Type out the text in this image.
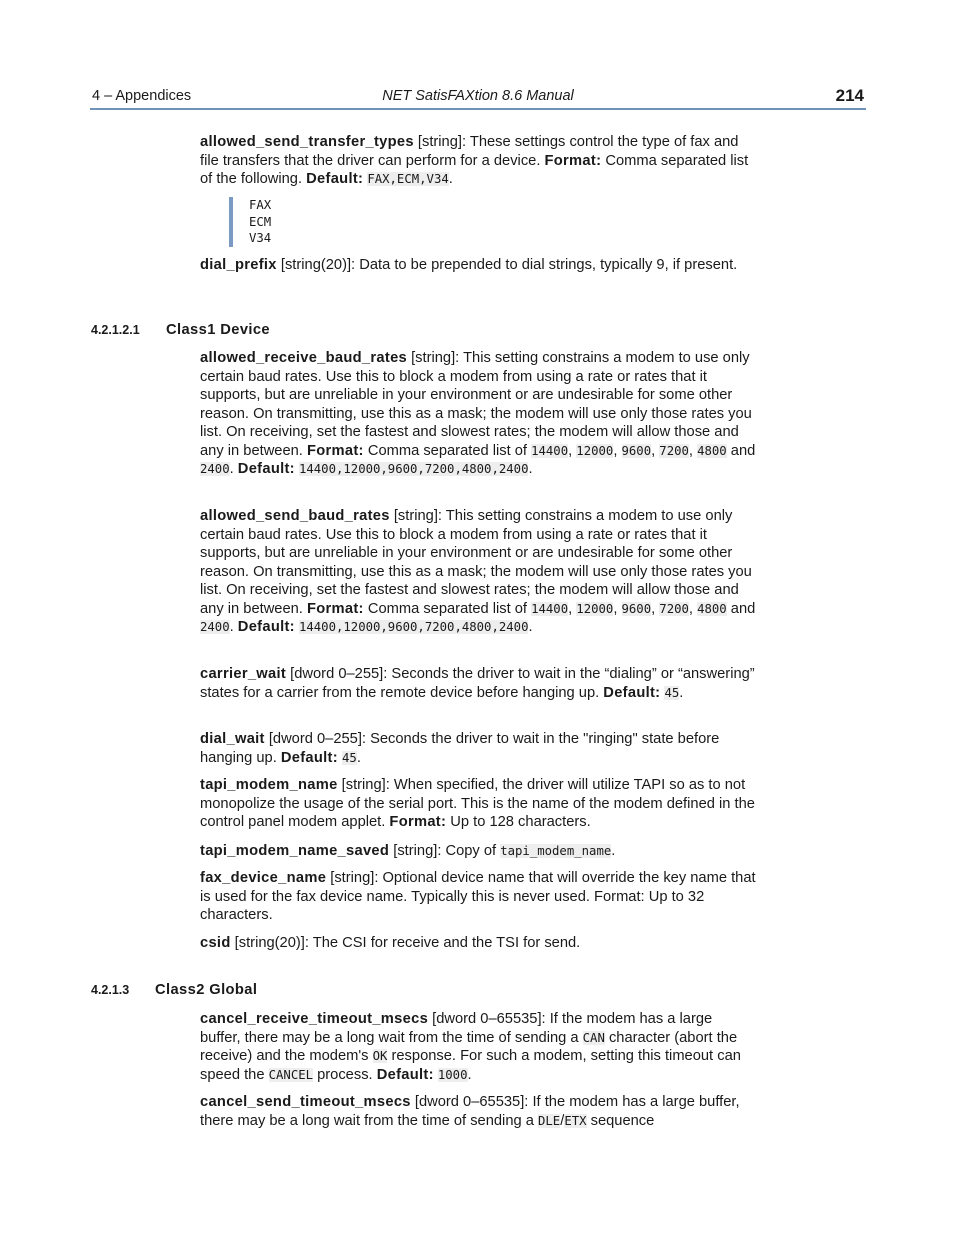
4 – Appendices	NET SatisFAXtion 8.6 Manual	214

allowed_send_transfer_types [string]: These settings control the type of fax and file transfers that the driver can perform for a device. Format: Comma separated list of the following. Default: FAX,ECM,V34.

FAX
ECM
V34

dial_prefix [string(20)]: Data to be prepended to dial strings, typically 9, if present.

4.2.1.2.1 Class1 Device

allowed_receive_baud_rates [string]: This setting constrains a modem to use only certain baud rates. Use this to block a modem from using a rate or rates that it supports, but are unreliable in your environment or are undesirable for some other reason. On transmitting, use this as a mask; the modem will use only those rates you list. On receiving, set the fastest and slowest rates; the modem will allow those and any in between. Format: Comma separated list of 14400, 12000, 9600, 7200, 4800 and 2400. Default: 14400,12000,9600,7200,4800,2400.

allowed_send_baud_rates [string]: This setting constrains a modem to use only certain baud rates. Use this to block a modem from using a rate or rates that it supports, but are unreliable in your environment or are undesirable for some other reason. On transmitting, use this as a mask; the modem will use only those rates you list. On receiving, set the fastest and slowest rates; the modem will allow those and any in between. Format: Comma separated list of 14400, 12000, 9600, 7200, 4800 and 2400. Default: 14400,12000,9600,7200,4800,2400.

carrier_wait [dword 0–255]: Seconds the driver to wait in the “dialing” or “answering” states for a carrier from the remote device before hanging up. Default: 45.

dial_wait [dword 0–255]: Seconds the driver to wait in the "ringing" state before hanging up. Default: 45.

tapi_modem_name [string]: When specified, the driver will utilize TAPI so as to not monopolize the usage of the serial port. This is the name of the modem defined in the control panel modem applet. Format: Up to 128 characters.

tapi_modem_name_saved [string]: Copy of tapi_modem_name.

fax_device_name [string]: Optional device name that will override the key name that is used for the fax device name. Typically this is never used. Format: Up to 32 characters.

csid [string(20)]: The CSI for receive and the TSI for send.

4.2.1.3 Class2 Global

cancel_receive_timeout_msecs [dword 0–65535]: If the modem has a large buffer, there may be a long wait from the time of sending a CAN character (abort the receive) and the modem's OK response. For such a modem, setting this timeout can speed the CANCEL process. Default: 1000.

cancel_send_timeout_msecs [dword 0–65535]: If the modem has a large buffer, there may be a long wait from the time of sending a DLE/ETX sequence
